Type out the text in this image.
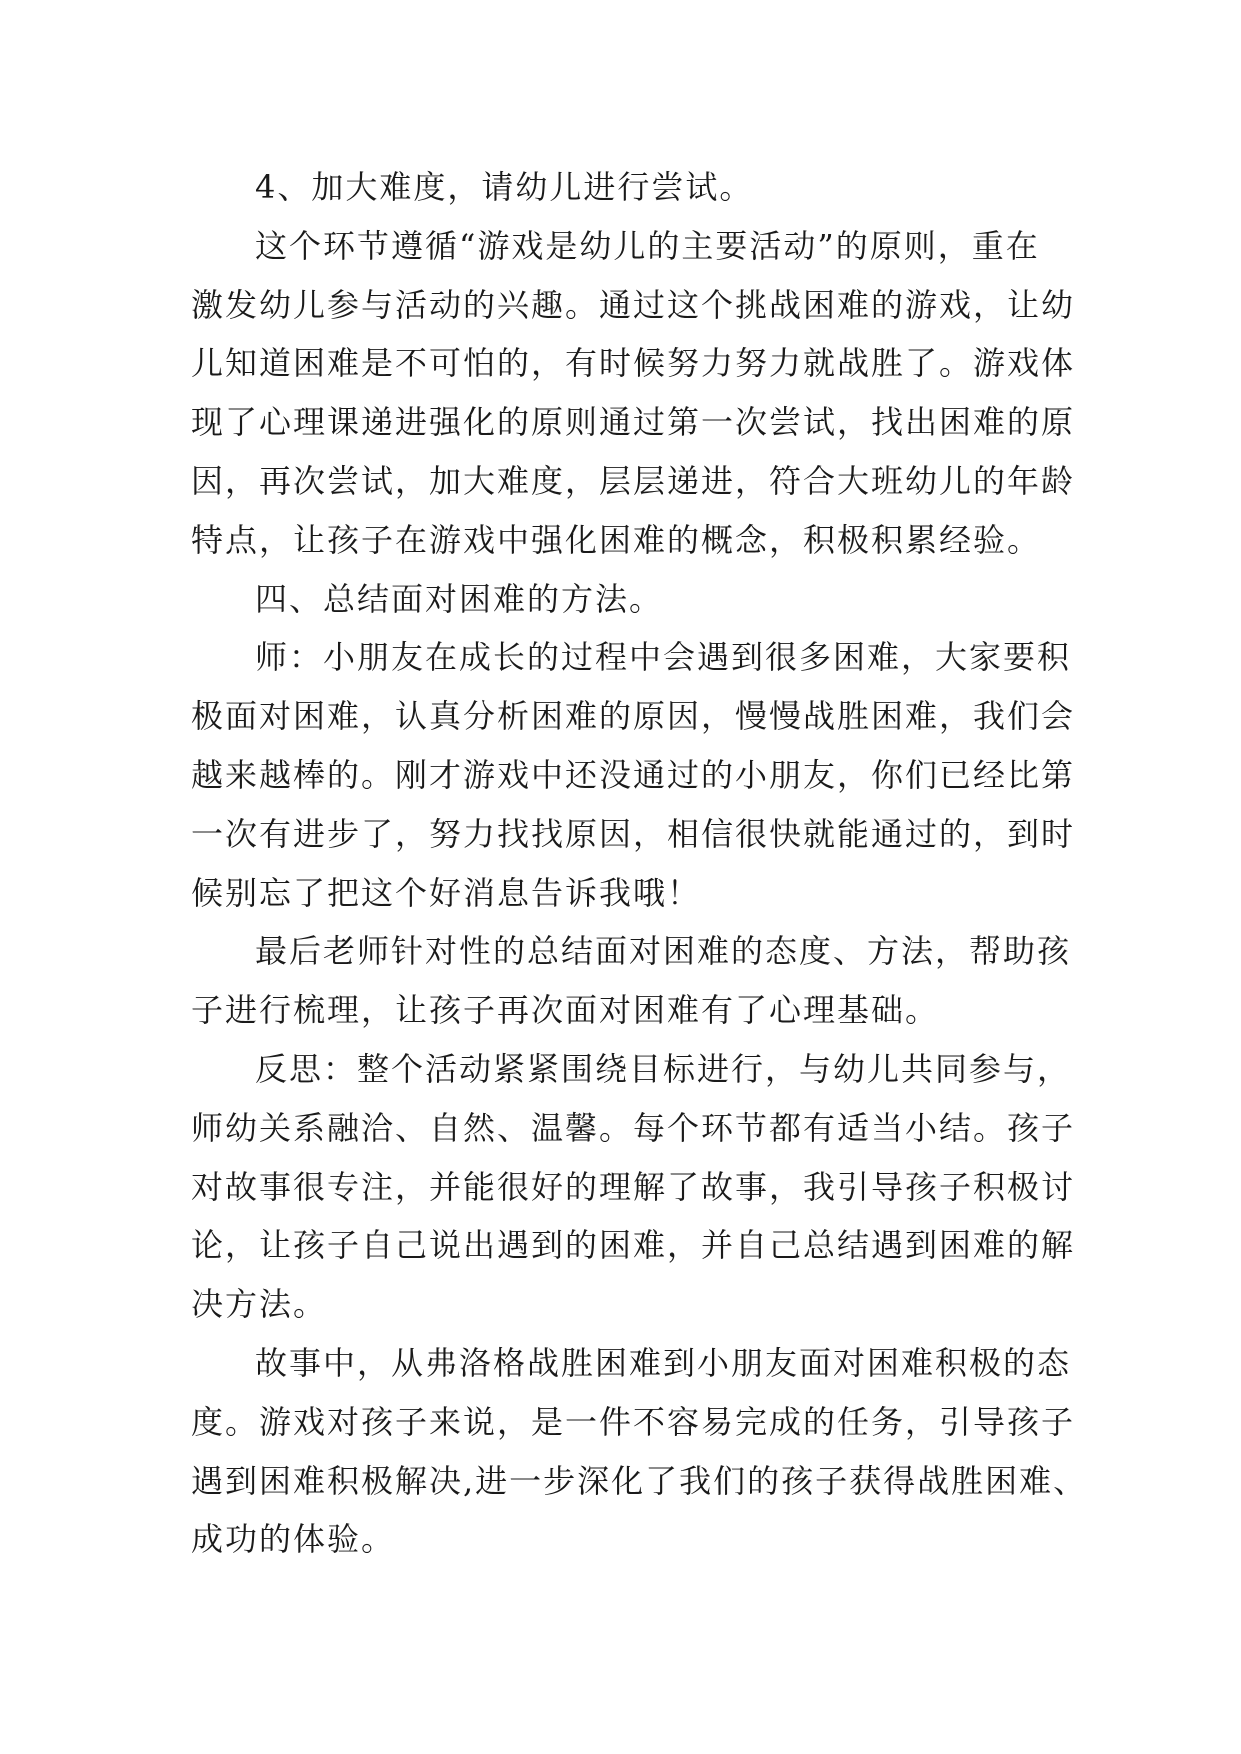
4、加大难度，请幼儿进行尝试。
这个环节遵循“游戏是幼儿的主要活动”的原则，重在
激发幼儿参与活动的兴趣。通过这个挑战困难的游戏，让幼
儿知道困难是不可怕的，有时候努力努力就战胜了。游戏体
现了心理课递进强化的原则通过第一次尝试，找出困难的原
因，再次尝试，加大难度，层层递进，符合大班幼儿的年龄
特点，让孩子在游戏中强化困难的概念，积极积累经验。
四、总结面对困难的方法。
师：小朋友在成长的过程中会遇到很多困难，大家要积
极面对困难，认真分析困难的原因，慢慢战胜困难，我们会
越来越棒的。刚才游戏中还没通过的小朋友，你们已经比第
一次有进步了，努力找找原因，相信很快就能通过的，到时
候别忘了把这个好消息告诉我哦！
最后老师针对性的总结面对困难的态度、方法，帮助孩
子进行梳理，让孩子再次面对困难有了心理基础。
反思：整个活动紧紧围绕目标进行，与幼儿共同参与，
师幼关系融洽、自然、温馨。每个环节都有适当小结。孩子
对故事很专注，并能很好的理解了故事，我引导孩子积极讨
论，让孩子自己说出遇到的困难，并自己总结遇到困难的解
决方法。
故事中，从弗洛格战胜困难到小朋友面对困难积极的态
度。游戏对孩子来说，是一件不容易完成的任务，引导孩子
遇到困难积极解决,进一步深化了我们的孩子获得战胜困难、
成功的体验。
